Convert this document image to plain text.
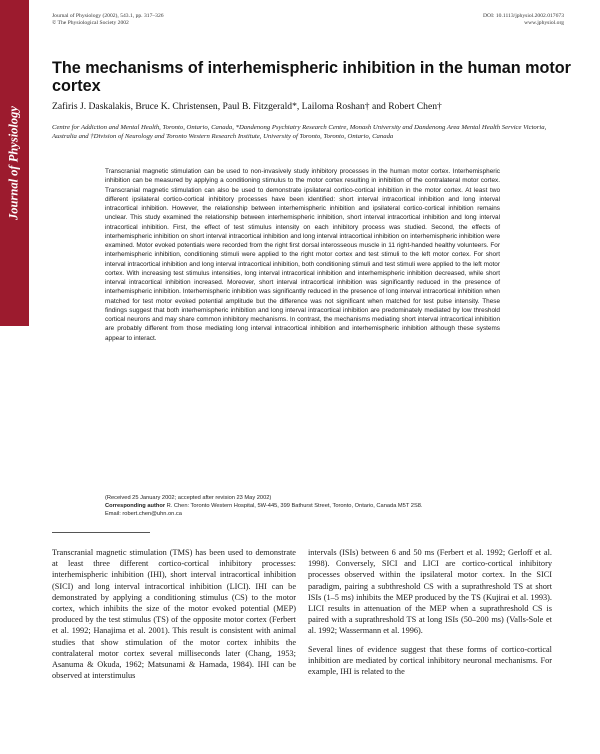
Journal of Physiology
Journal of Physiology (2002), 543.1, pp. 317–326
© The Physiological Society 2002
DOI: 10.1113/jphysiol.2002.017673
www.jphysiol.org
The mechanisms of interhemispheric inhibition in the human motor cortex
Zafiris J. Daskalakis, Bruce K. Christensen, Paul B. Fitzgerald*, Lailoma Roshan† and Robert Chen†

Centre for Addiction and Mental Health, Toronto, Ontario, Canada, *Dandenong Psychiatry Research Centre, Monash University and Dandenong Area Mental Health Service Victoria, Australia and †Division of Neurology and Toronto Western Research Institute, University of Toronto, Toronto, Ontario, Canada

Transcranial magnetic stimulation can be used to non-invasively study inhibitory processes in the human motor cortex. Interhemispheric inhibition can be measured by applying a conditioning stimulus to the motor cortex resulting in inhibition of the contralateral motor cortex. Transcranial magnetic stimulation can also be used to demonstrate ipsilateral cortico-cortical inhibition in the motor cortex. At least two different ipsilateral cortico-cortical inhibitory processes have been identified: short interval intracortical inhibition and long interval intracortical inhibition. However, the relationship between interhemispheric inhibition and ipsilateral cortico-cortical inhibition remains unclear. This study examined the relationship between interhemispheric inhibition, short interval intracortical inhibition and long interval intracortical inhibition. First, the effect of test stimulus intensity on each inhibitory process was studied. Second, the effects of interhemispheric inhibition on short interval intracortical inhibition and long interval intracortical inhibition on interhemispheric inhibition were examined. Motor evoked potentials were recorded from the right first dorsal interosseous muscle in 11 right-handed healthy volunteers. For interhemispheric inhibition, conditioning stimuli were applied to the right motor cortex and test stimuli to the left motor cortex. For short interval intracortical inhibition and long interval intracortical inhibition, both conditioning stimuli and test stimuli were applied to the left motor cortex. With increasing test stimulus intensities, long interval intracortical inhibition and interhemispheric inhibition decreased, while short interval intracortical inhibition increased. Moreover, short interval intracortical inhibition was significantly reduced in the presence of interhemispheric inhibition. Interhemispheric inhibition was significantly reduced in the presence of long interval intracortical inhibition when matched for test motor evoked potential amplitude but the difference was not significant when matched for test pulse intensity. These findings suggest that both interhemispheric inhibition and long interval intracortical inhibition are predominately mediated by low threshold cortical neurons and may share common inhibitory mechanisms. In contrast, the mechanisms mediating short interval intracortical inhibition are probably different from those mediating long interval intracortical inhibition and interhemispheric inhibition although these systems appear to interact.

(Received 25 January 2002; accepted after revision 23 May 2002)
Corresponding author R. Chen: Toronto Western Hospital, 5W-445, 399 Bathurst Street, Toronto, Ontario, Canada M5T 2S8.
Email: robert.chen@uhn.on.ca

Transcranial magnetic stimulation (TMS) has been used to demonstrate at least three different cortico-cortical inhibitory processes: interhemispheric inhibition (IHI), short interval intracortical inhibition (SICI) and long interval intracortical inhibition (LICI). IHI can be demonstrated by applying a conditioning stimulus (CS) to the motor cortex, which inhibits the size of the motor evoked potential (MEP) produced by the test stimulus (TS) of the opposite motor cortex (Ferbert et al. 1992; Hanajima et al. 2001). This result is consistent with animal studies that show stimulation of the motor cortex inhibits the contralateral motor cortex several milliseconds later (Chang, 1953; Asanuma & Okuda, 1962; Matsunami & Hamada, 1984). IHI can be observed at interstimulus

intervals (ISIs) between 6 and 50 ms (Ferbert et al. 1992; Gerloff et al. 1998). Conversely, SICI and LICI are cortico-cortical inhibitory processes observed within the ipsilateral motor cortex. In the SICI paradigm, pairing a subthreshold CS with a suprathreshold TS at short ISIs (1–5 ms) inhibits the MEP produced by the TS (Kujirai et al. 1993). LICI results in attenuation of the MEP when a suprathreshold CS is paired with a suprathreshold TS at long ISIs (50–200 ms) (Valls-Sole et al. 1992; Wassermann et al. 1996).

Several lines of evidence suggest that these forms of cortico-cortical inhibition are mediated by cortical inhibitory neuronal mechanisms. For example, IHI is related to the
